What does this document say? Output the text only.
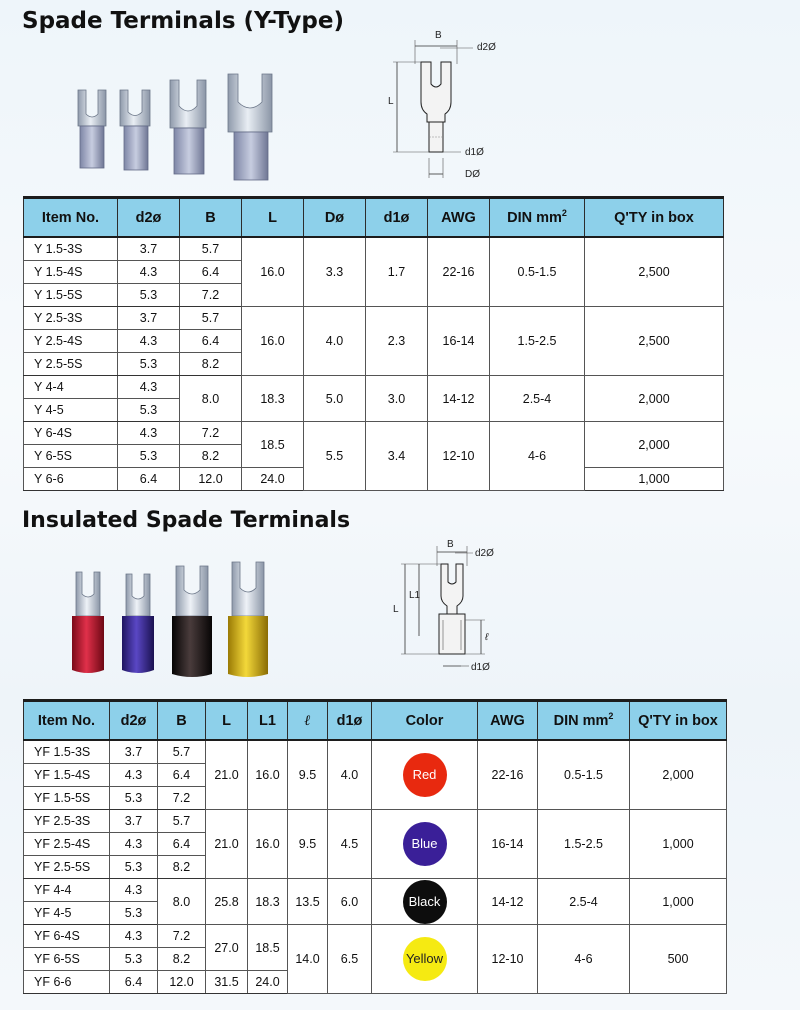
Spade Terminals (Y-Type)
B
d2Ø
L
d1Ø
DØ
Item No.	d2ø	B	L	Dø	d1ø	AWG	DIN $mm^2$	Q'TY in box
Y 1.5-3S	3.7	5.7	16.0	3.3	1.7	22-16	0.5-1.5	2,500
Y 1.5-4S	4.3	6.4						
Y 1.5-5S	5.3	7.2						
Y 2.5-3S	3.7	5.7	16.0	4.0	2.3	16-14	1.5-2.5	2,500
Y 2.5-4S	4.3	6.4						
Y 2.5-5S	5.3	8.2						
Y 4-4	4.3	8.0	18.3	5.0	3.0	14-12	2.5-4	2,000
Y 4-5	5.3							
Y 6-4S	4.3	7.2	18.5	5.5	3.4	12-10	4-6	2,000
Y 6-5S	5.3	8.2						
Y 6-6	6.4	12.0	24.0					1,000
Insulated Spade Terminals
B
d2Ø
L
L1
ℓ
d1Ø
Item No.	d2ø	B	L	L1	ℓ	d1ø	Color	AWG	DIN $mm^2$	Q'TY in box
YF 1.5-3S	3.7	5.7	21.0	16.0	9.5	4.0	Red	22-16	0.5-1.5	2,000
YF 1.5-4S	4.3	6.4								
YF 1.5-5S	5.3	7.2								
YF 2.5-3S	3.7	5.7	21.0	16.0	9.5	4.5	Blue	16-14	1.5-2.5	1,000
YF 2.5-4S	4.3	6.4								
YF 2.5-5S	5.3	8.2								
YF 4-4	4.3	8.0	25.8	18.3	13.5	6.0	Black	14-12	2.5-4	1,000
YF 4-5	5.3									
YF 6-4S	4.3	7.2	27.0	18.5	14.0	6.5	Yellow	12-10	4-6	500
YF 6-5S	5.3	8.2								
YF 6-6	6.4	12.0	31.5	24.0						
